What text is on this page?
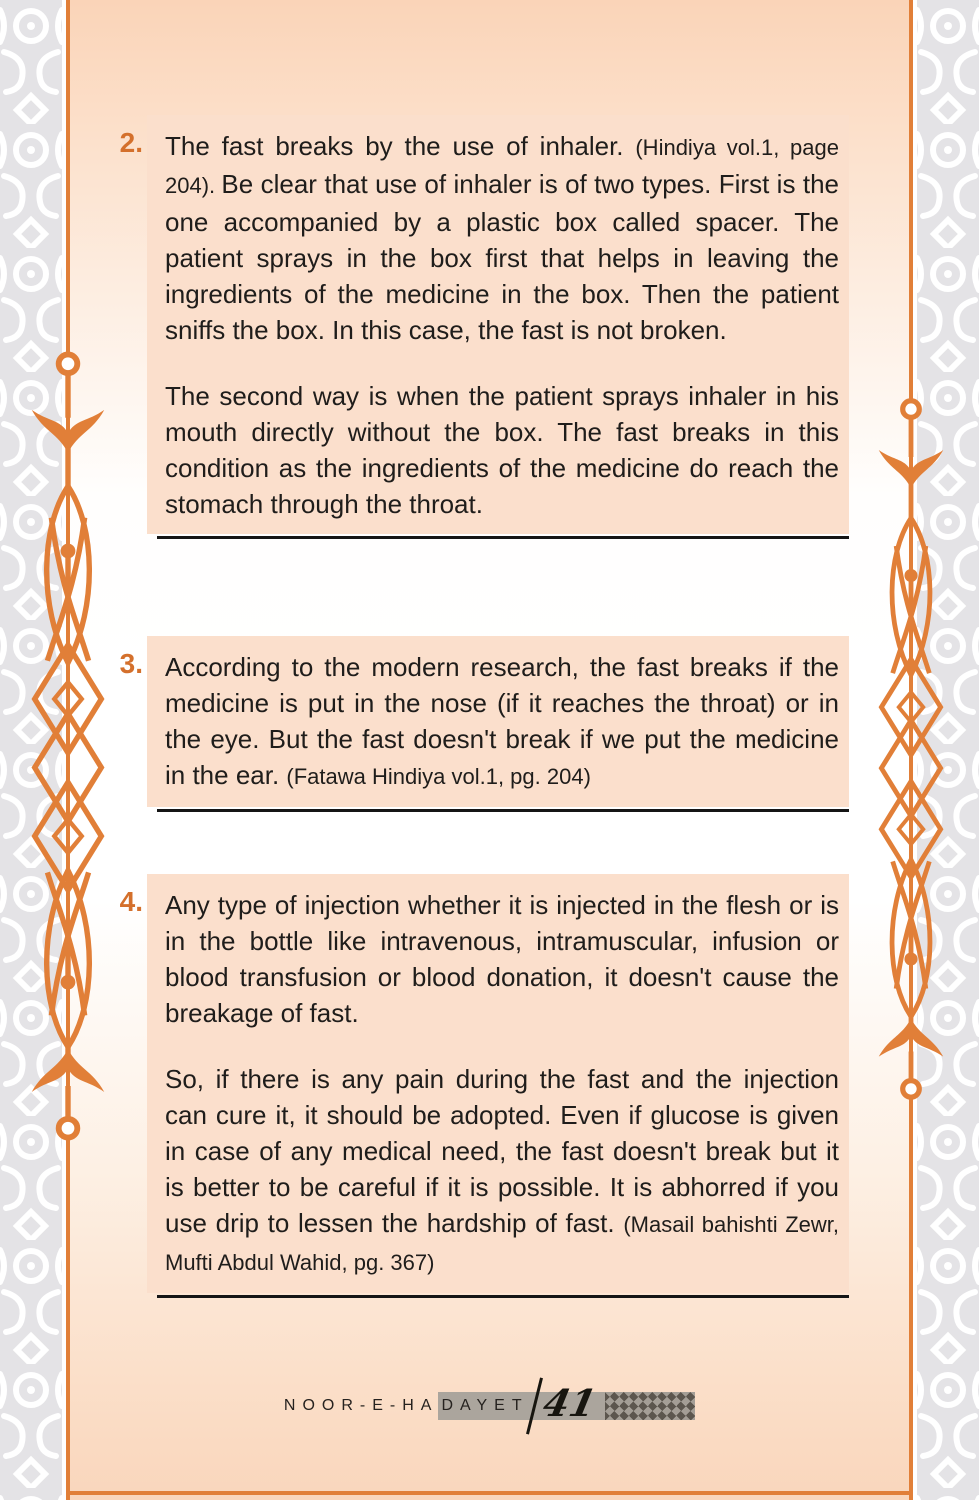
2. The fast breaks by the use of inhaler. (Hindiya vol.1, page 204). Be clear that use of inhaler is of two types. First is the one accompanied by a plastic box called spacer. The patient sprays in the box first that helps in leaving the ingredients of the medicine in the box. Then the patient sniffs the box. In this case, the fast is not broken.

The second way is when the patient sprays inhaler in his mouth directly without the box. The fast breaks in this condition as the ingredients of the medicine do reach the stomach through the throat.

3. According to the modern research, the fast breaks if the medicine is put in the nose (if it reaches the throat) or in the eye. But the fast doesn't break if we put the medicine in the ear. (Fatawa Hindiya vol.1, pg. 204)

4. Any type of injection whether it is injected in the flesh or is in the bottle like intravenous, intramuscular, infusion or blood transfusion or blood donation, it doesn't cause the breakage of fast.

So, if there is any pain during the fast and the injection can cure it, it should be adopted. Even if glucose is given in case of any medical need, the fast doesn't break but it is better to be careful if it is possible. It is abhorred if you use drip to lessen the hardship of fast. (Masail bahishti Zewr, Mufti Abdul Wahid, pg. 367)

NOOR-E-HA DAYET 41
